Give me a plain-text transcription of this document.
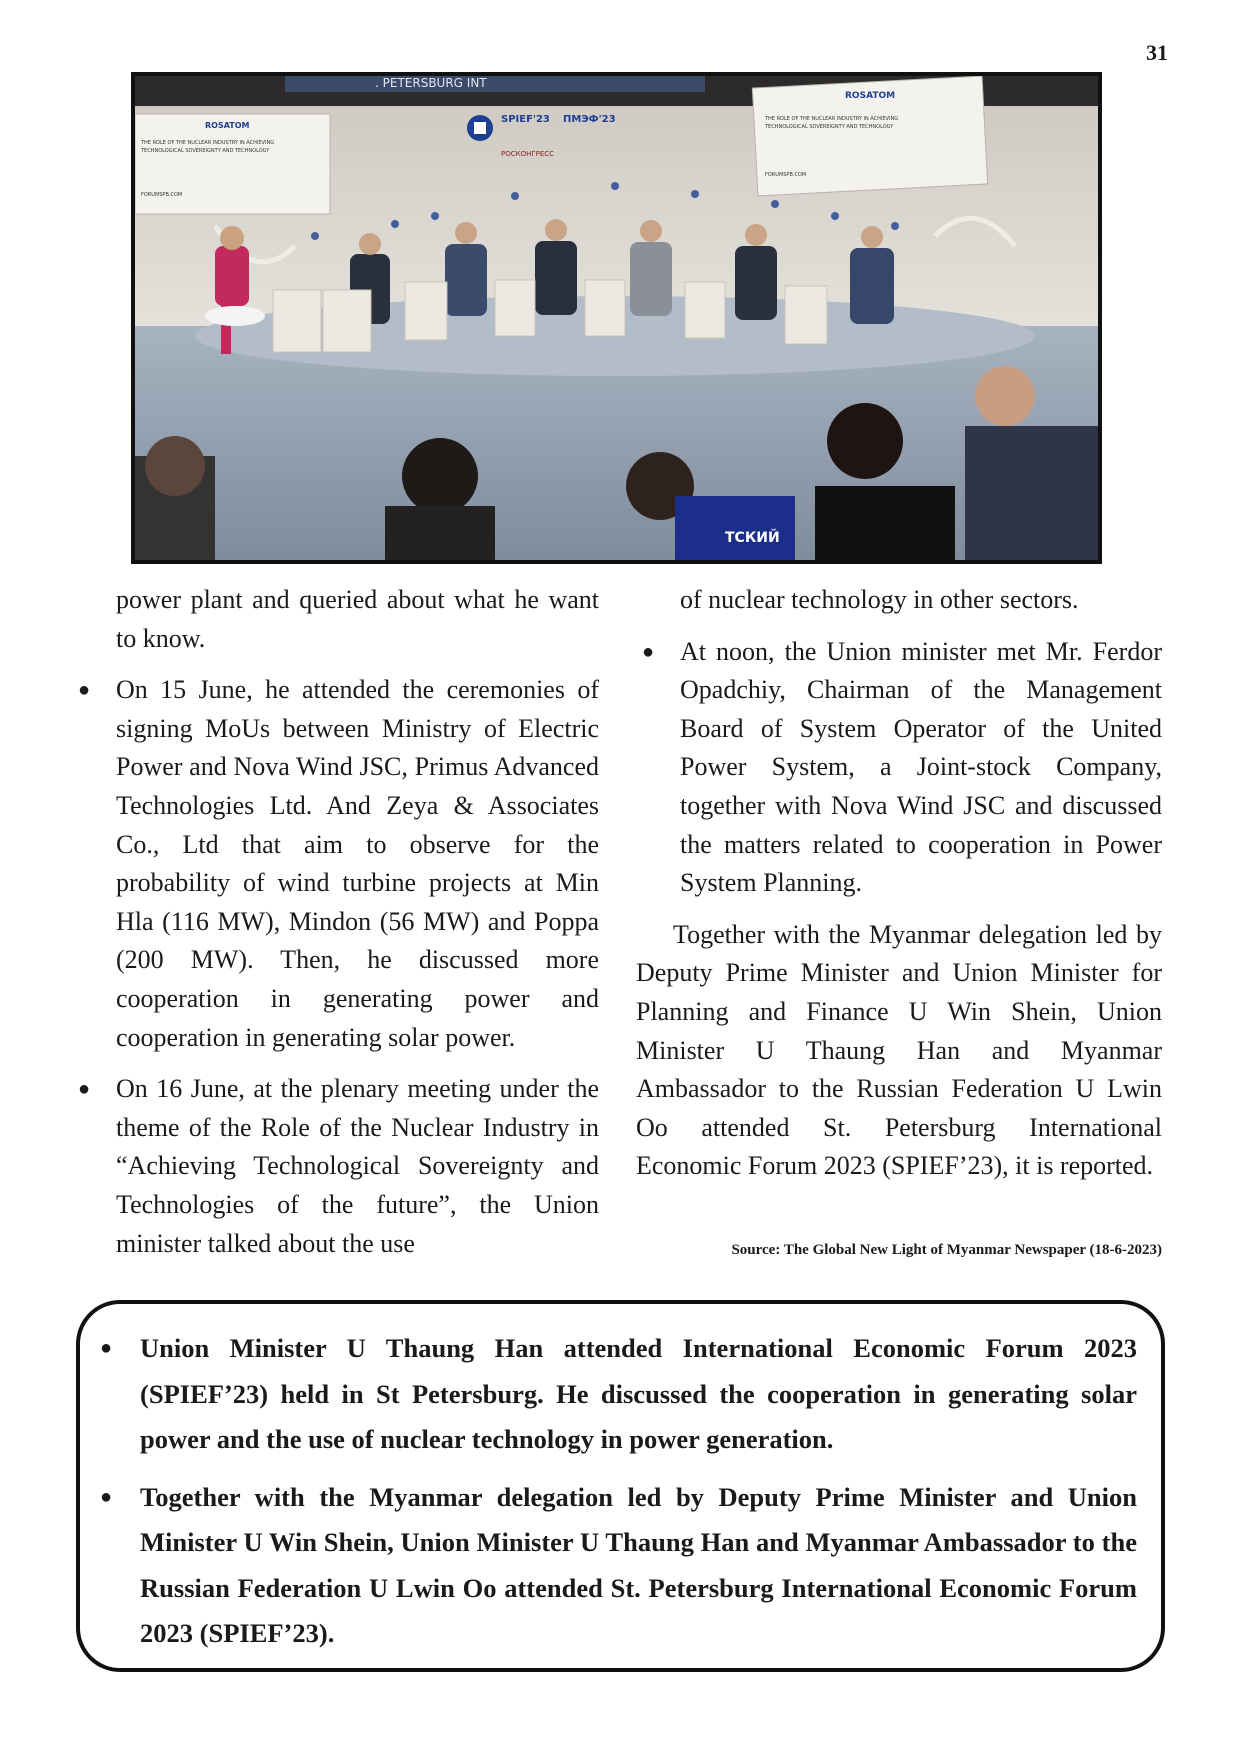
31
. PETERSBURG INT
ROSATOM
THE ROLE OF THE NUCLEAR INDUSTRY IN ACHIEVING
TECHNOLOGICAL SOVEREIGNTY AND TECHNOLOGY
FORUMSPB.COM
ROSATOM
THE ROLE OF THE NUCLEAR INDUSTRY IN ACHIEVING
TECHNOLOGICAL SOVEREIGNTY AND TECHNOLOGY
FORUMSPB.COM
SPIEF'23 ПМЭФ'23
РОСКОНГРЕСС
ТСКИЙ

power plant and queried about what he want to know.

● On 15 June, he attended the ceremonies of signing MoUs between Ministry of Electric Power and Nova Wind JSC, Primus Advanced Technologies Ltd. And Zeya & Associates Co., Ltd that aim to observe for the probability of wind turbine projects at Min Hla (116 MW), Mindon (56 MW) and Poppa (200 MW). Then, he discussed more cooperation in generating power and cooperation in generating solar power.

● On 16 June, at the plenary meeting under the theme of the Role of the Nuclear Industry in “Achieving Technological Sovereignty and Technologies of the future”, the Union minister talked about the use

of nuclear technology in other sectors.

● At noon, the Union minister met Mr. Ferdor Opadchiy, Chairman of the Management Board of System Operator of the United Power System, a Joint-stock Company, together with Nova Wind JSC and discussed the matters related to cooperation in Power System Planning.

Together with the Myanmar delegation led by Deputy Prime Minister and Union Minister for Planning and Finance U Win Shein, Union Minister U Thaung Han and Myanmar Ambassador to the Russian Federation U Lwin Oo attended St. Petersburg International Economic Forum 2023 (SPIEF’23), it is reported.

Source: The Global New Light of Myanmar Newspaper (18-6-2023)
● Union Minister U Thaung Han attended International Economic Forum 2023 (SPIEF’23) held in St Petersburg. He discussed the cooperation in generating solar power and the use of nuclear technology in power generation.
● Together with the Myanmar delegation led by Deputy Prime Minister and Union Minister U Win Shein, Union Minister U Thaung Han and Myanmar Ambassador to the Russian Federation U Lwin Oo attended St. Petersburg International Economic Forum 2023 (SPIEF’23).
